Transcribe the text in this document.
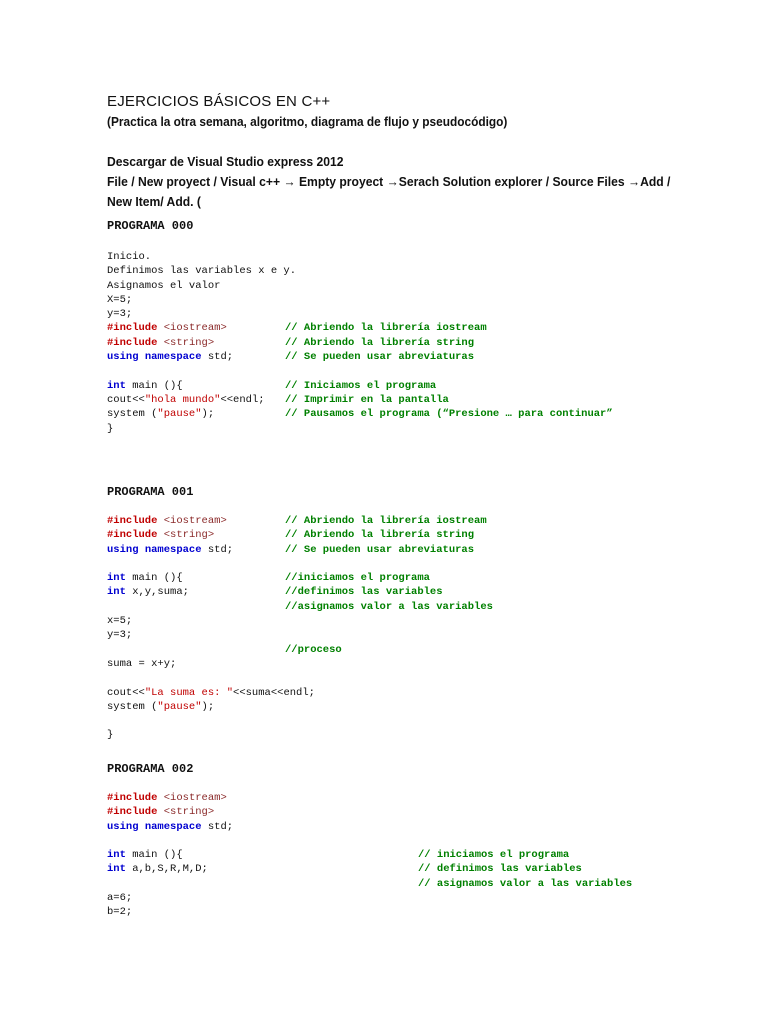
EJERCICIOS BÁSICOS EN C++
(Practica la otra semana, algoritmo, diagrama de flujo y pseudocódigo)
Descargar de Visual Studio express 2012
File / New proyect / Visual c++ → Empty proyect →Serach Solution explorer / Source Files →Add /
New Item/ Add. (
PROGRAMA 000
Inicio.
Definimos las variables x e y.
Asignamos el valor
X=5;
y=3;
#include <iostream>	// Abriendo la librería iostream
#include <string>	// Abriendo la librería string
using namespace std;	// Se pueden usar abreviaturas
int main (){	// Iniciamos el programa
cout<<"hola mundo"<<endl; // Imprimir en la pantalla
system ("pause");	// Pausamos el programa (“Presione … para continuar”
}
PROGRAMA 001
#include <iostream>	// Abriendo la librería iostream
#include <string>	// Abriendo la librería string
using namespace std;	// Se pueden usar abreviaturas
int main (){	//iniciamos el programa
int x,y,suma;	//definimos las variables
//asignamos valor a las variables
x=5;
y=3;
//proceso
suma = x+y;
cout<<"La suma es: "<<suma<<endl;
system ("pause");
}
PROGRAMA 002
#include <iostream>
#include <string>
using namespace std;
int main (){	// iniciamos el programa
int a,b,S,R,M,D;	// definimos las variables
// asignamos valor a las variables
a=6;
b=2;
